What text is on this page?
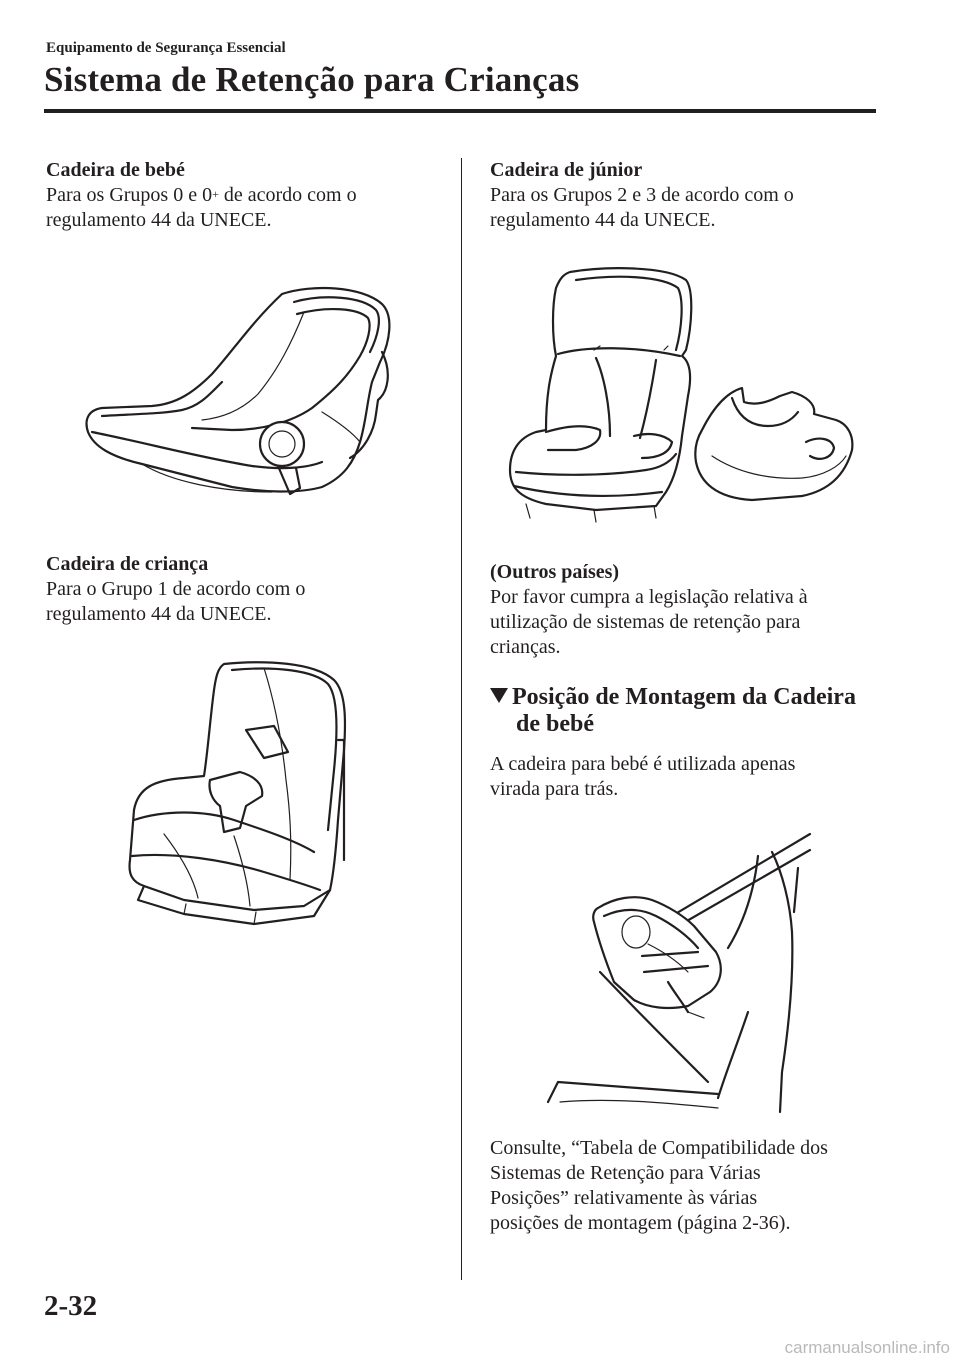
Equipamento de Segurança Essencial
Sistema de Retenção para Crianças
Cadeira de bebé
Para os Grupos 0 e 0+ de acordo com o
regulamento 44 da UNECE.
Cadeira de criança
Para o Grupo 1 de acordo com o
regulamento 44 da UNECE.
Cadeira de júnior
Para os Grupos 2 e 3 de acordo com o
regulamento 44 da UNECE.
(Outros países)
Por favor cumpra a legislação relativa à
utilização de sistemas de retenção para
crianças.
Posição de Montagem da Cadeira
de bebé
A cadeira para bebé é utilizada apenas
virada para trás.
Consulte, “Tabela de Compatibilidade dos
Sistemas de Retenção para Várias
Posições” relativamente às várias
posições de montagem (página 2-36).
2-32
carmanualsonline.info
